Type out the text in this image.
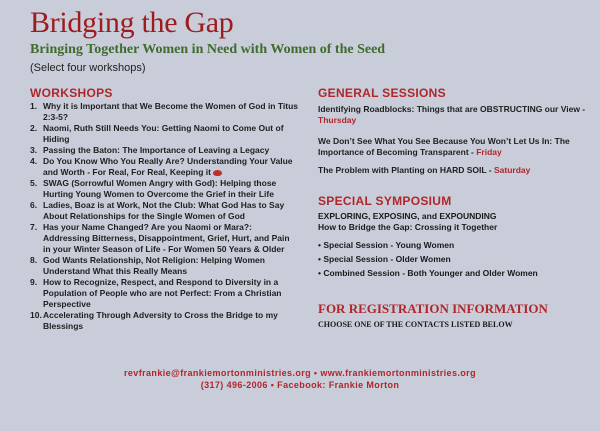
Bridging the Gap
Bringing Together Women in Need with Women of the Seed
(Select four workshops)
WORKSHOPS
1. Why it is Important that We Become the Women of God in Titus 2:3-5?
2. Naomi, Ruth Still Needs You: Getting Naomi to Come Out of Hiding
3. Passing the Baton: The Importance of Leaving a Legacy
4. Do You Know Who You Really Are? Understanding Your Value and Worth - For Real, For Real, Keeping it
5. SWAG (Sorrowful Women Angry with God): Helping those Hurting Young Women to Overcome the Grief in their Life
6. Ladies, Boaz is at Work, Not the Club: What God Has to Say About Relationships for the Single Women of God
7. Has your Name Changed? Are you Naomi or Mara?: Addressing Bitterness, Disappointment, Grief, Hurt, and Pain in your Winter Season of Life - For Women 50 Years & Older
8. God Wants Relationship, Not Religion: Helping Women Understand What this Really Means
9. How to Recognize, Respect, and Respond to Diversity in a Population of People who are not Perfect: From a Christian Perspective
10. Accelerating Through Adversity to Cross the Bridge to my Blessings
GENERAL SESSIONS
Identifying Roadblocks: Things that are OBSTRUCTING our View - Thursday
We Don’t See What You See Because You Won’t Let Us In: The Importance of Becoming Transparent - Friday
The Problem with Planting on HARD SOIL - Saturday
SPECIAL SYMPOSIUM
EXPLORING, EXPOSING, and EXPOUNDING
How to Bridge the Gap: Crossing it Together
• Special Session - Young Women
• Special Session - Older Women
• Combined Session - Both Younger and Older Women
FOR REGISTRATION INFORMATION
CHOOSE ONE OF THE CONTACTS LISTED BELOW
revfrankie@frankiemortonministries.org • www.frankiemortonministries.org
(317) 496-2006 • Facebook: Frankie Morton
